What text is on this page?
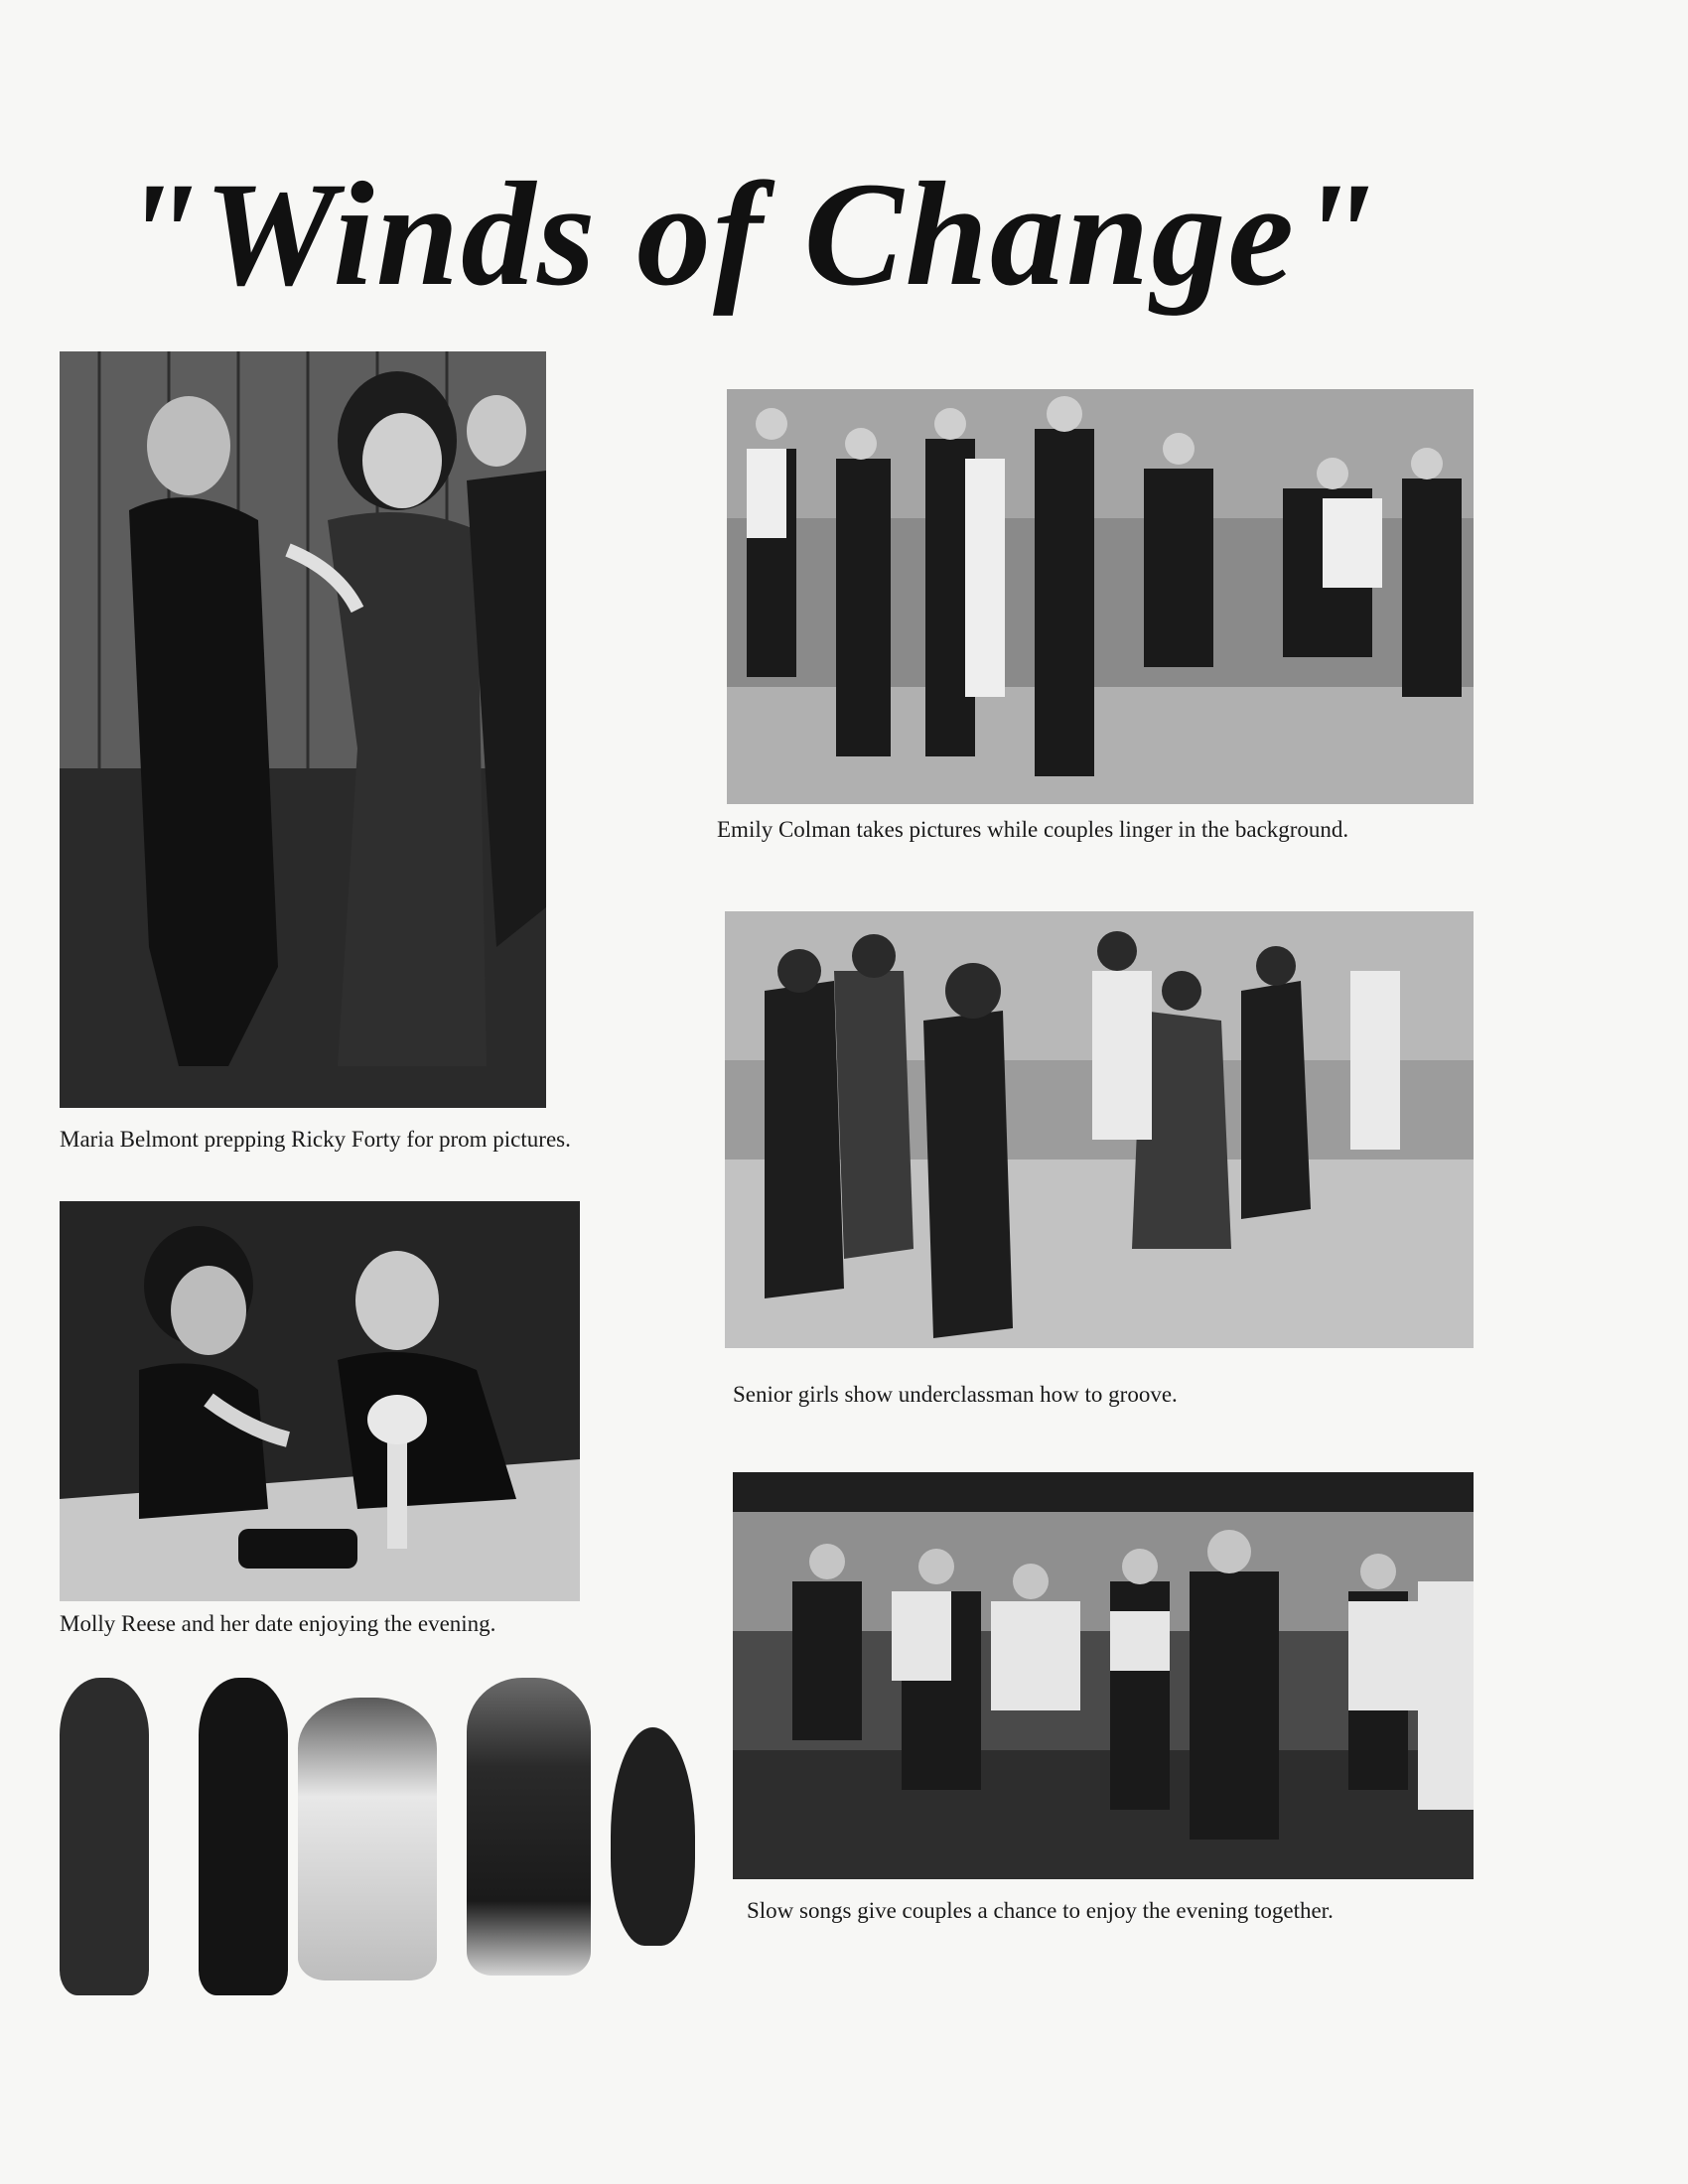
"Winds of Change"
Maria Belmont prepping Ricky Forty for prom pictures.
Emily Colman takes pictures while couples linger in the background.
Molly Reese and her date enjoying the evening.
Senior girls show underclassman how to groove.
Slow songs give couples a chance to enjoy the evening together.
